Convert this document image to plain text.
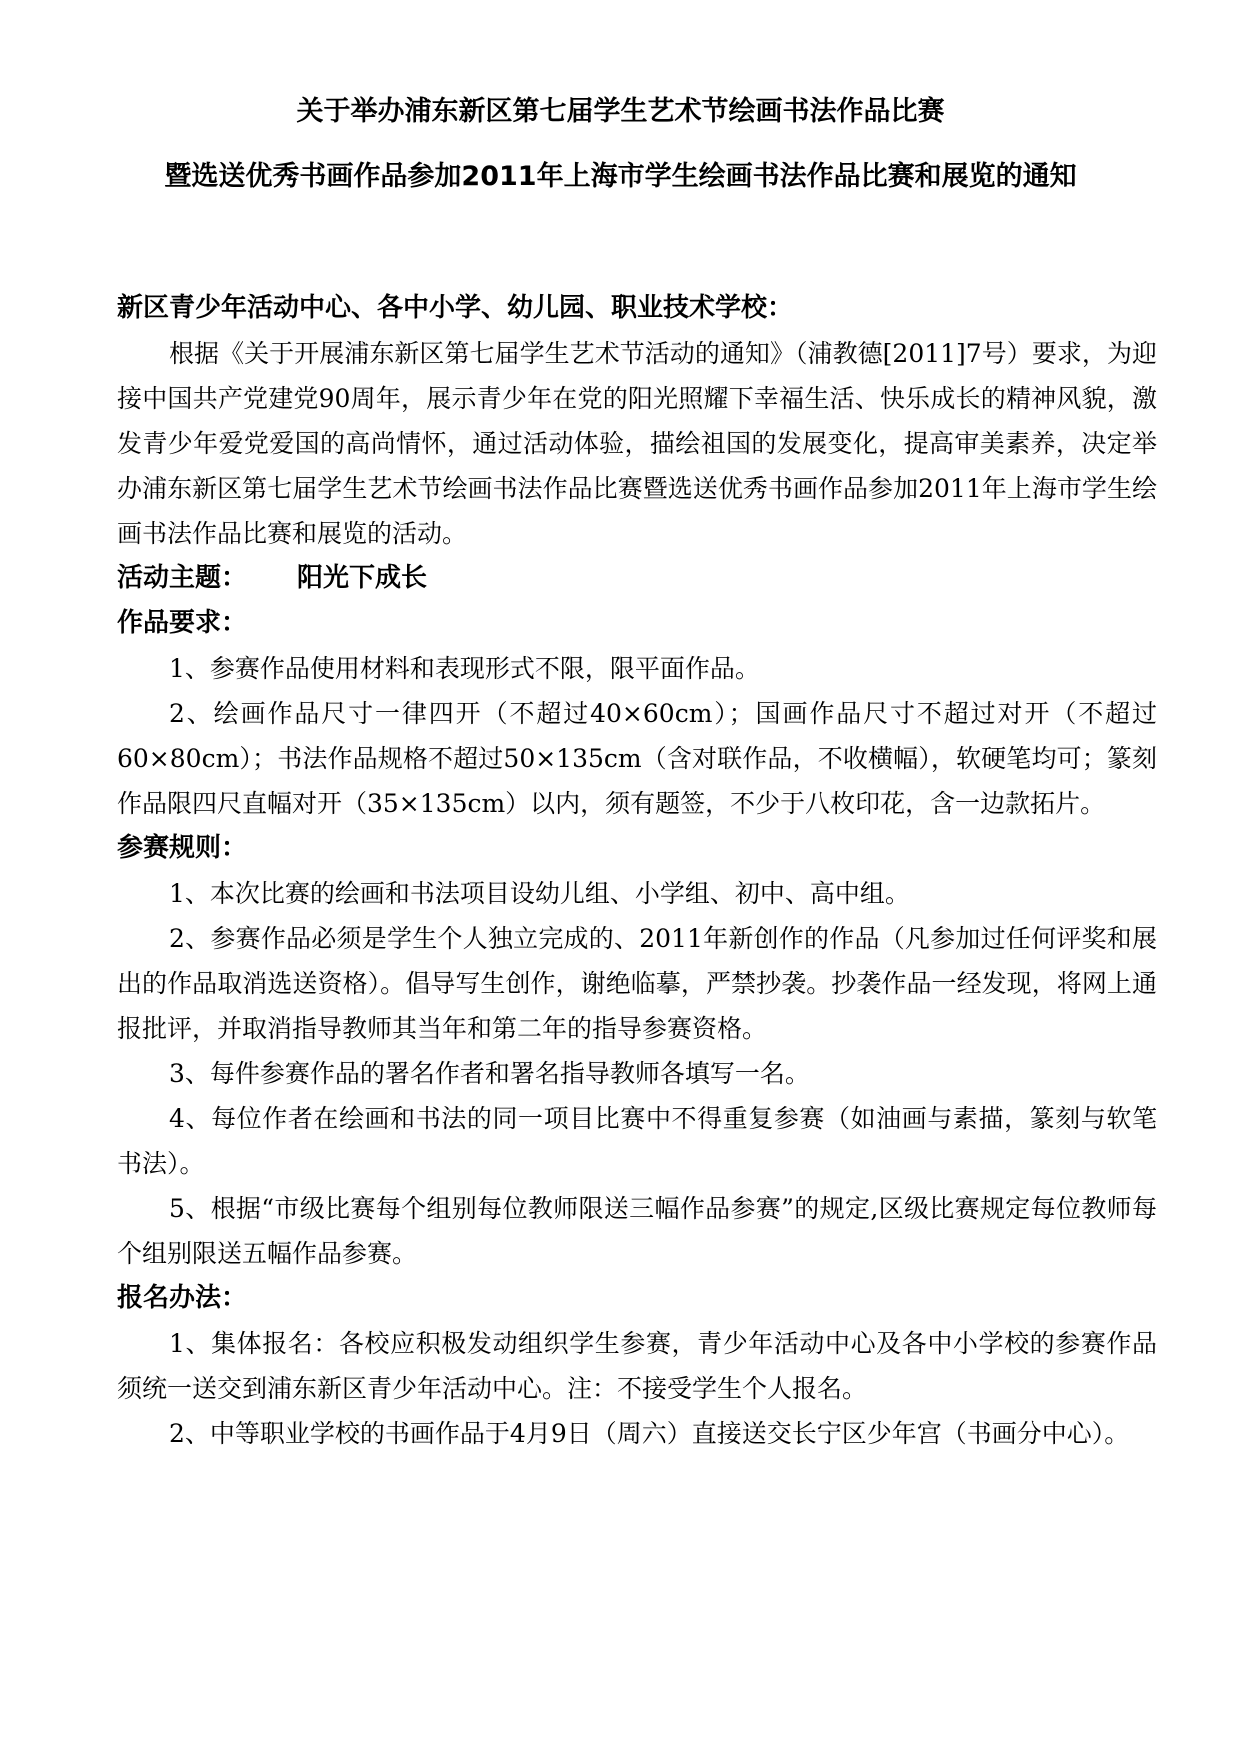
关于举办浦东新区第七届学生艺术节绘画书法作品比赛
暨选送优秀书画作品参加2011年上海市学生绘画书法作品比赛和展览的通知

新区青少年活动中心、各中小学、幼儿园、职业技术学校：

根据《关于开展浦东新区第七届学生艺术节活动的通知》（浦教德[2011]7号）要求，为迎接中国共产党建党90周年，展示青少年在党的阳光照耀下幸福生活、快乐成长的精神风貌，激发青少年爱党爱国的高尚情怀，通过活动体验，描绘祖国的发展变化，提高审美素养，决定举办浦东新区第七届学生艺术节绘画书法作品比赛暨选送优秀书画作品参加2011年上海市学生绘画书法作品比赛和展览的活动。

活动主题： 阳光下成长

作品要求：

1、参赛作品使用材料和表现形式不限，限平面作品。

2、绘画作品尺寸一律四开（不超过40×60cm）；国画作品尺寸不超过对开（不超过60×80cm）；书法作品规格不超过50×135cm（含对联作品，不收横幅），软硬笔均可；篆刻作品限四尺直幅对开（35×135cm）以内，须有题签，不少于八枚印花，含一边款拓片。

参赛规则：

1、本次比赛的绘画和书法项目设幼儿组、小学组、初中、高中组。

2、参赛作品必须是学生个人独立完成的、2011年新创作的作品（凡参加过任何评奖和展出的作品取消选送资格）。倡导写生创作，谢绝临摹，严禁抄袭。抄袭作品一经发现，将网上通报批评，并取消指导教师其当年和第二年的指导参赛资格。

3、每件参赛作品的署名作者和署名指导教师各填写一名。

4、每位作者在绘画和书法的同一项目比赛中不得重复参赛（如油画与素描，篆刻与软笔书法）。

5、根据“市级比赛每个组别每位教师限送三幅作品参赛”的规定,区级比赛规定每位教师每个组别限送五幅作品参赛。

报名办法：

1、集体报名：各校应积极发动组织学生参赛，青少年活动中心及各中小学校的参赛作品须统一送交到浦东新区青少年活动中心。注：不接受学生个人报名。

2、中等职业学校的书画作品于4月9日（周六）直接送交长宁区少年宫（书画分中心）。
